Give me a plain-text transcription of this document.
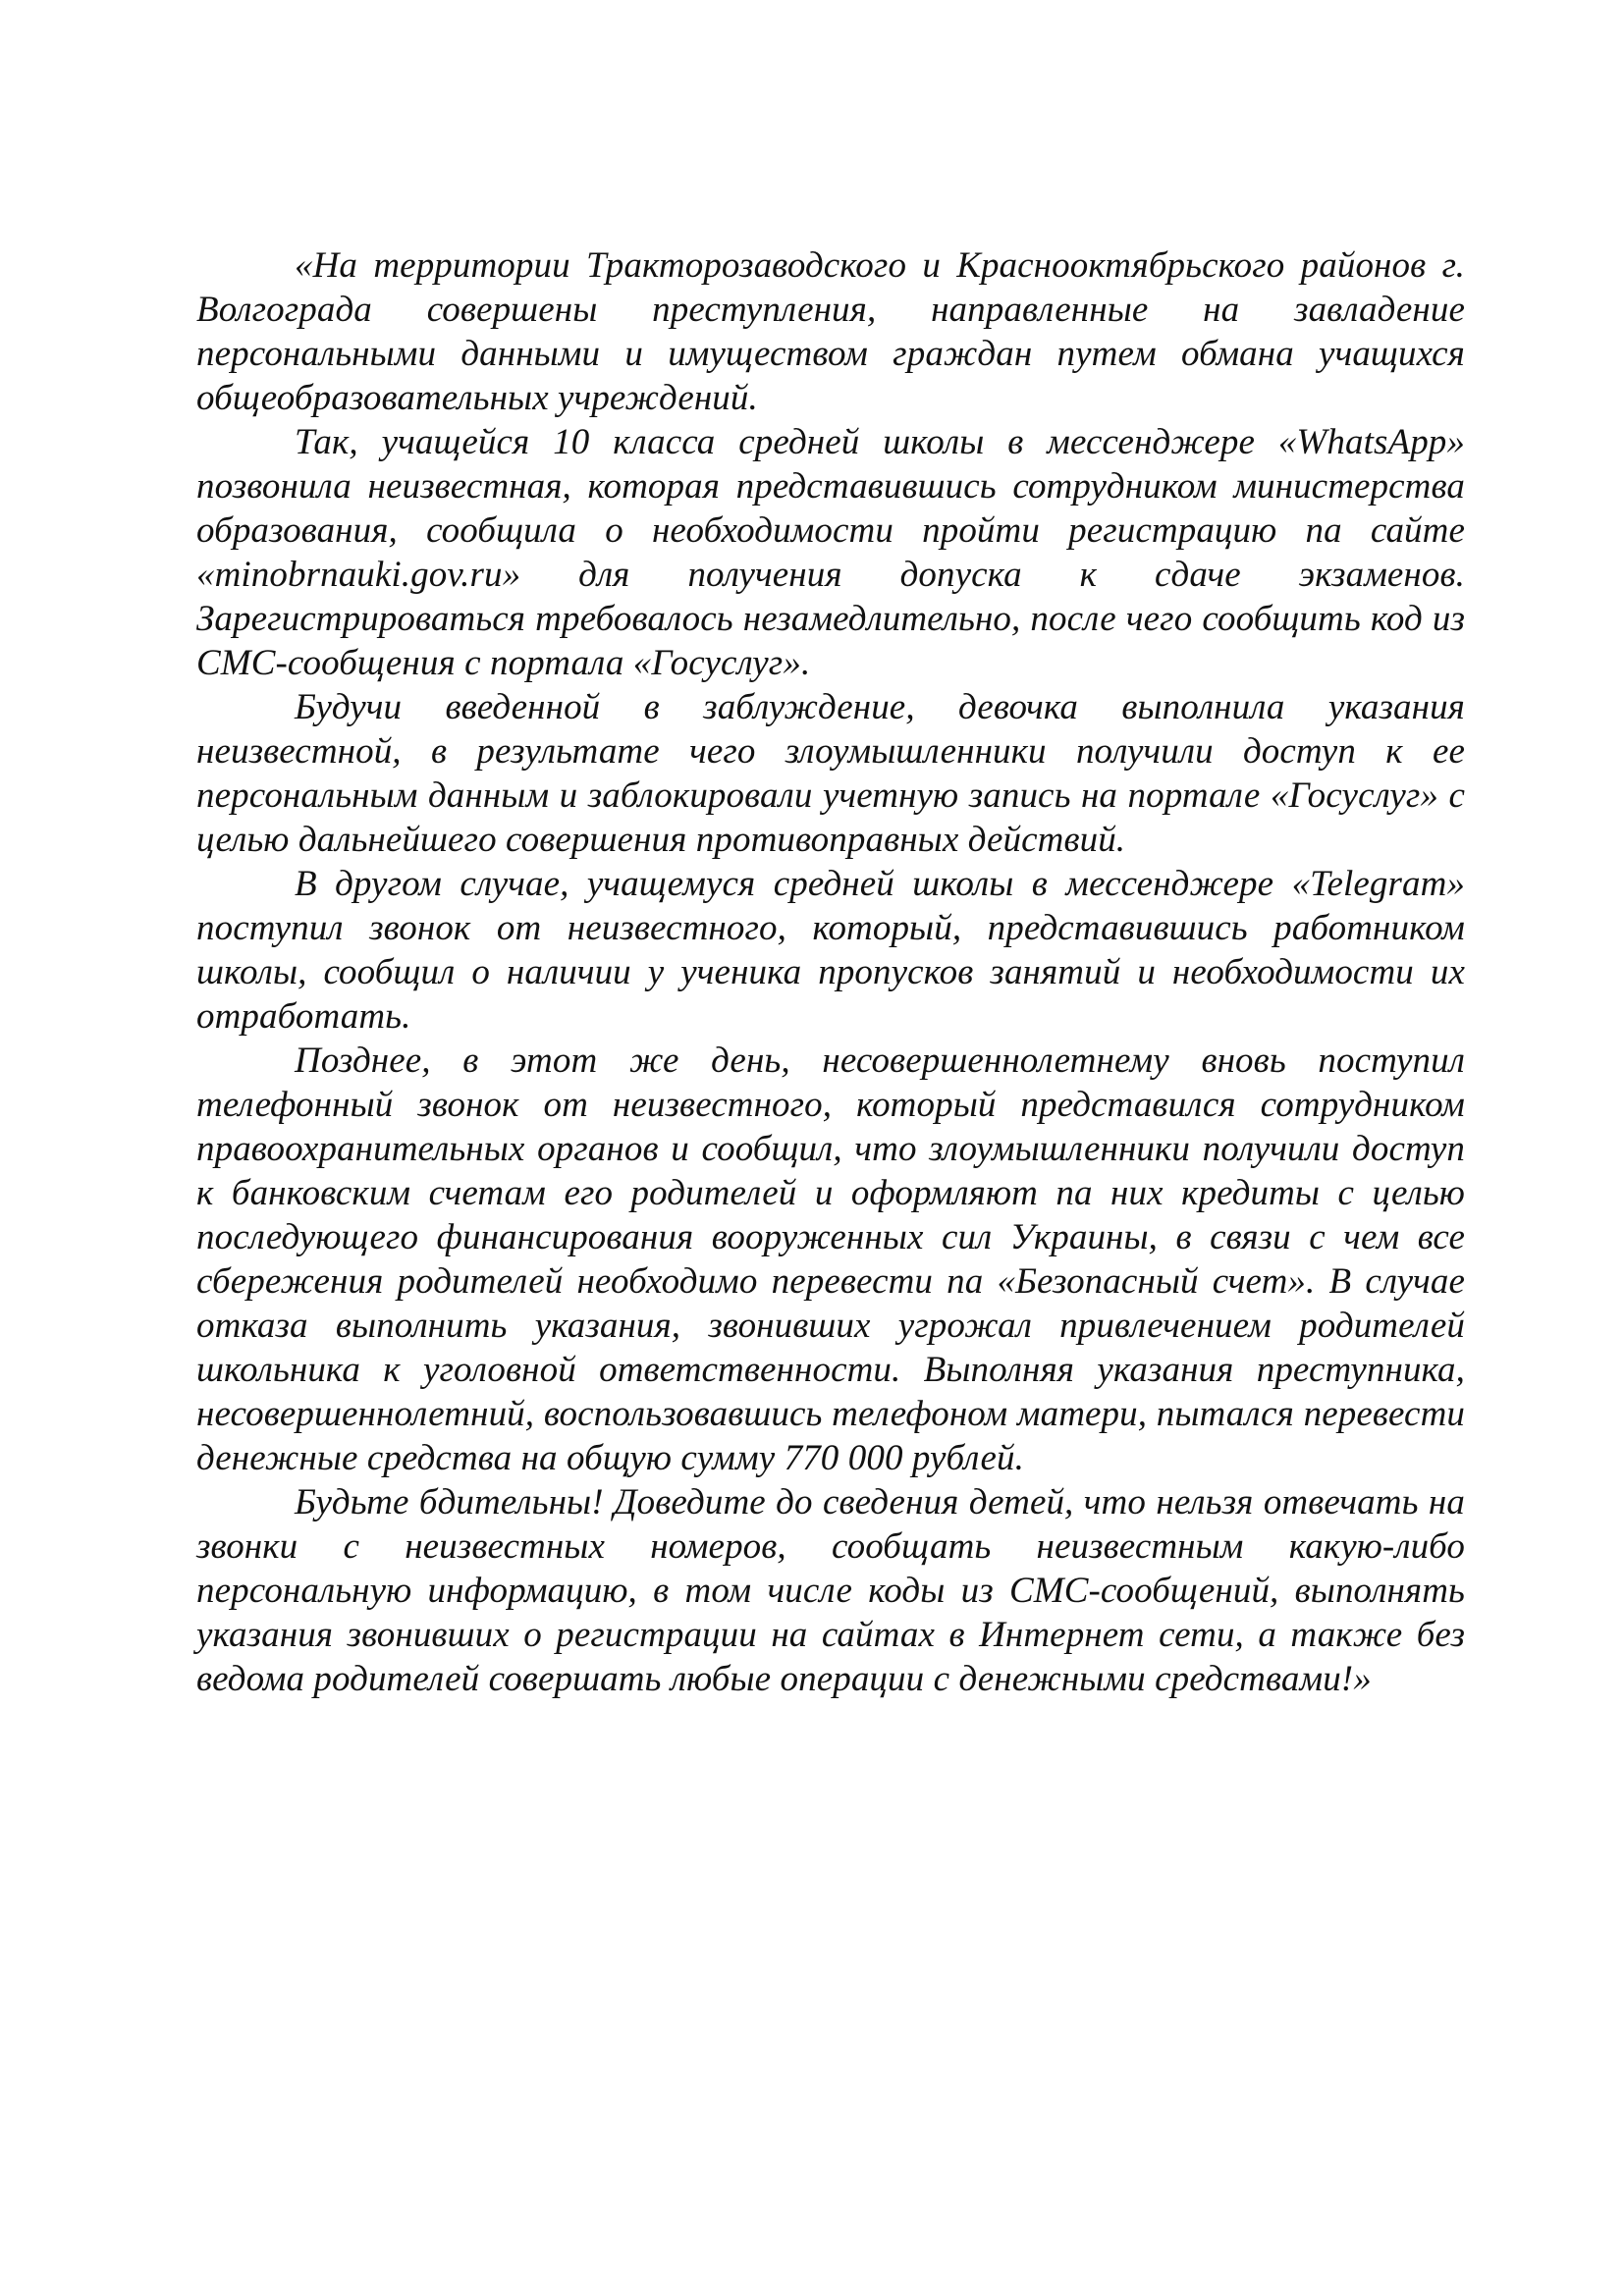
«На территории Тракторозаводского и Краснооктябрьского районов г. Волгограда совершены преступления, направленные на завладение персональными данными и имуществом граждан путем обмана учащихся общеобразовательных учреждений.

Так, учащейся 10 класса средней школы в мессенджере «WhatsApp» позвонила неизвестная, которая представившись сотрудником министерства образования, сообщила о необходимости пройти регистрацию па сайте «minobrnauki.gov.ru» для получения допуска к сдаче экзаменов. Зарегистрироваться требовалось незамедлительно, после чего сообщить код из СМС-сообщения с портала «Госуслуг».

Будучи введенной в заблуждение, девочка выполнила указания неизвестной, в результате чего злоумышленники получили доступ к ее персональным данным и заблокировали учетную запись на портале «Госуслуг» с целью дальнейшего совершения противоправных действий.

В другом случае, учащемуся средней школы в мессенджере «Telegram» поступил звонок от неизвестного, который, представившись работником школы, сообщил о наличии у ученика пропусков занятий и необходимости их отработать.

Позднее, в этот же день, несовершеннолетнему вновь поступил телефонный звонок от неизвестного, который представился сотрудником правоохранительных органов и сообщил, что злоумышленники получили доступ к банковским счетам его родителей и оформляют па них кредиты с целью последующего финансирования вооруженных сил Украины, в связи с чем все сбережения родителей необходимо перевести па «Безопасный счет». В случае отказа выполнить указания, звонивших угрожал привлечением родителей школьника к уголовной ответственности. Выполняя указания преступника, несовершеннолетний, воспользовавшись телефоном матери, пытался перевести денежные средства на общую сумму 770 000 рублей.

Будьте бдительны! Доведите до сведения детей, что нельзя отвечать на звонки с неизвестных номеров, сообщать неизвестным какую-либо персональную информацию, в том числе коды из СМС-сообщений, выполнять указания звонивших о регистрации на сайтах в Интернет сети, а также без ведома родителей совершать любые операции с денежными средствами!»
